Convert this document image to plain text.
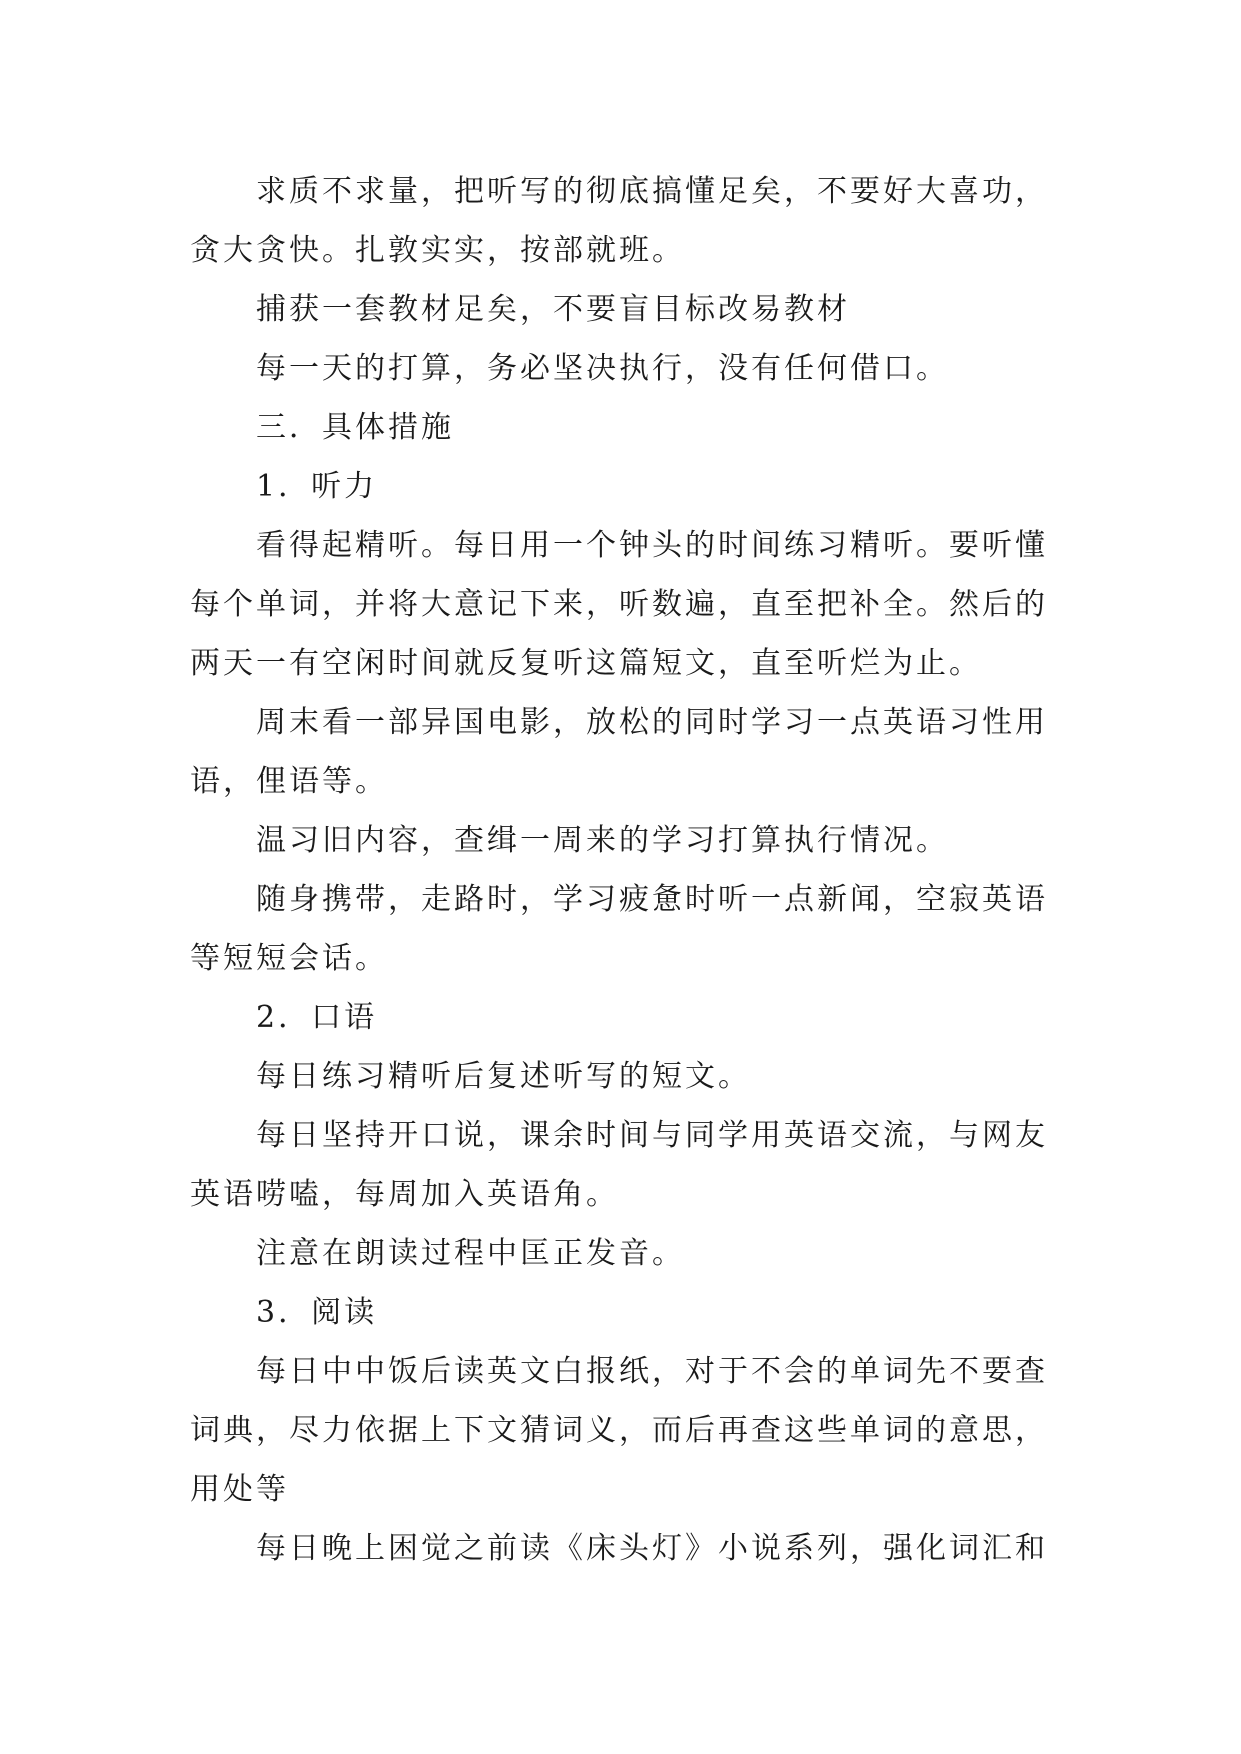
求质不求量，把听写的彻底搞懂足矣，不要好大喜功，
贪大贪快。扎敦实实，按部就班。
捕获一套教材足矣，不要盲目标改易教材
每一天的打算，务必坚决执行，没有任何借口。
三．具体措施
1．听力
看得起精听。每日用一个钟头的时间练习精听。要听懂
每个单词，并将大意记下来，听数遍，直至把补全。然后的
两天一有空闲时间就反复听这篇短文，直至听烂为止。
周末看一部异国电影，放松的同时学习一点英语习性用
语，俚语等。
温习旧内容，查缉一周来的学习打算执行情况。
随身携带，走路时，学习疲惫时听一点新闻，空寂英语
等短短会话。
2．口语
每日练习精听后复述听写的短文。
每日坚持开口说，课余时间与同学用英语交流，与网友
英语唠嗑，每周加入英语角。
注意在朗读过程中匡正发音。
3．阅读
每日中中饭后读英文白报纸，对于不会的单词先不要查
词典，尽力依据上下文猜词义，而后再查这些单词的意思，
用处等
每日晚上困觉之前读《床头灯》小说系列，强化词汇和
